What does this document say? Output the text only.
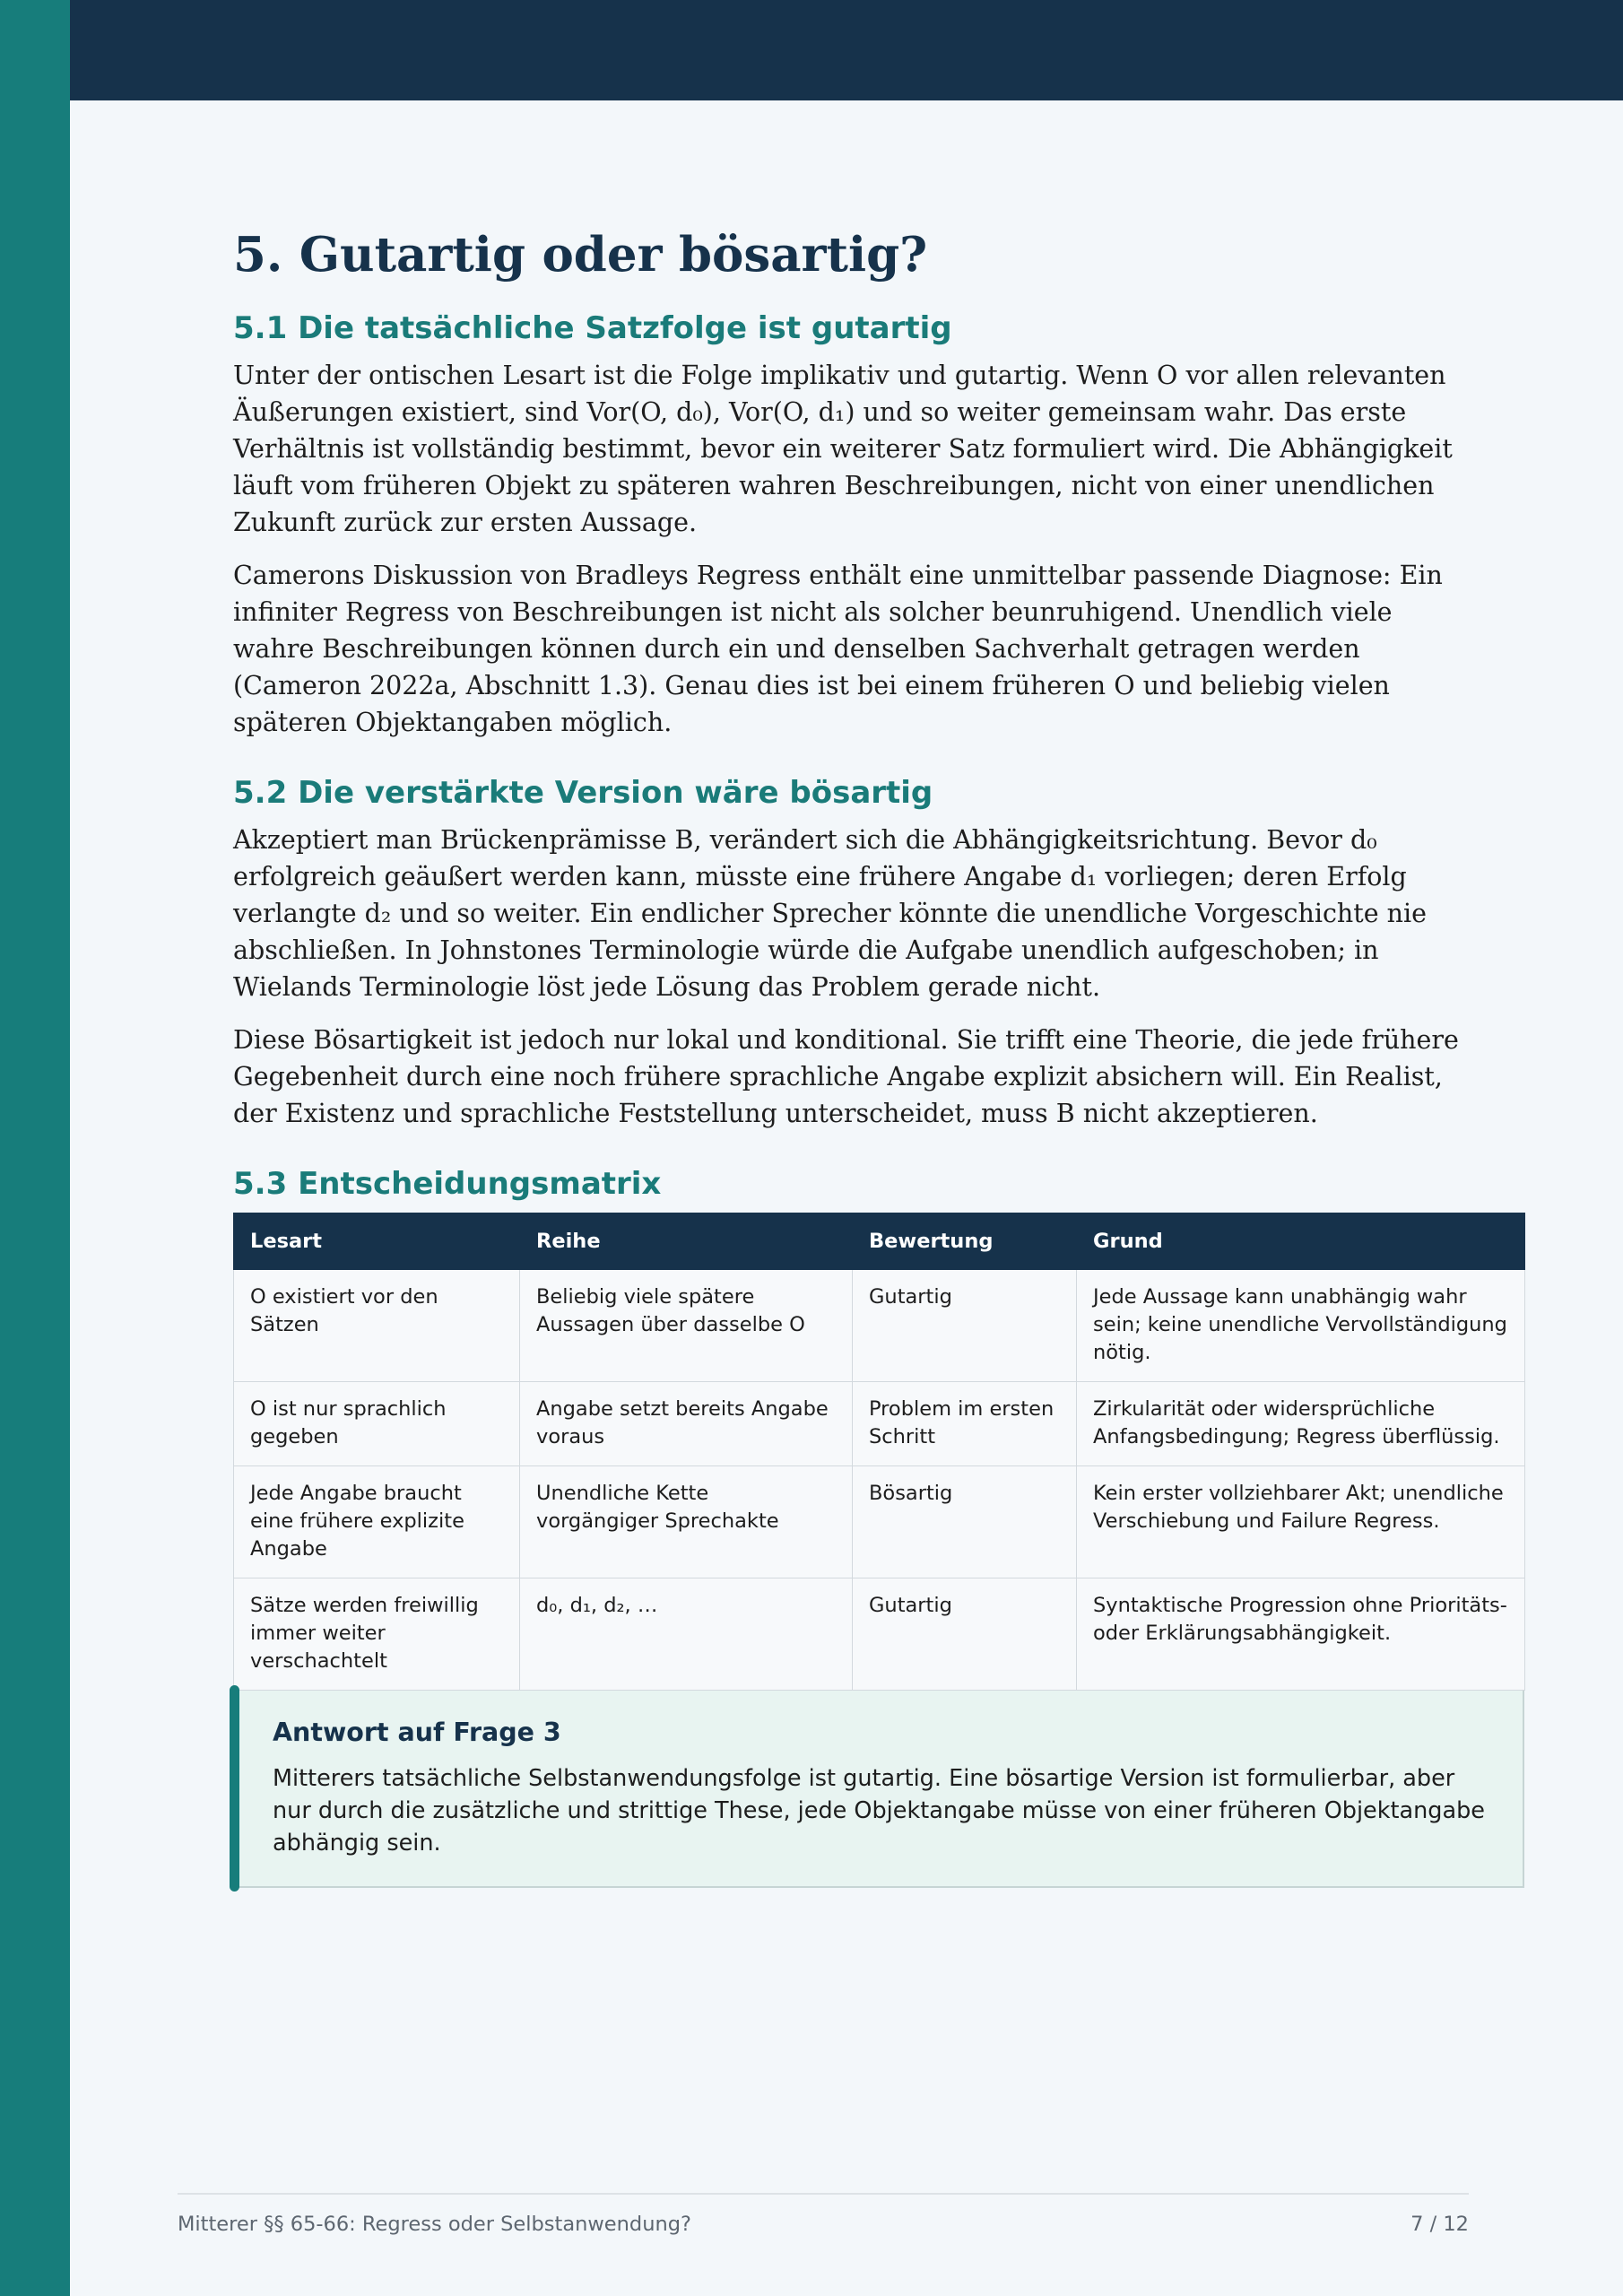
5. Gutartig oder bösartig?
5.1 Die tatsächliche Satzfolge ist gutartig

Unter der ontischen Lesart ist die Folge implikativ und gutartig. Wenn O vor allen relevanten Äußerungen existiert, sind Vor(O, d₀), Vor(O, d₁) und so weiter gemeinsam wahr. Das erste Verhältnis ist vollständig bestimmt, bevor ein weiterer Satz formuliert wird. Die Abhängigkeit läuft vom früheren Objekt zu späteren wahren Beschreibungen, nicht von einer unendlichen Zukunft zurück zur ersten Aussage.

Camerons Diskussion von Bradleys Regress enthält eine unmittelbar passende Diagnose: Ein infiniter Regress von Beschreibungen ist nicht als solcher beunruhigend. Unendlich viele wahre Beschreibungen können durch ein und denselben Sachverhalt getragen werden (Cameron 2022a, Abschnitt 1.3). Genau dies ist bei einem früheren O und beliebig vielen späteren Objektangaben möglich.

5.2 Die verstärkte Version wäre bösartig

Akzeptiert man Brückenprämisse B, verändert sich die Abhängigkeitsrichtung. Bevor d₀ erfolgreich geäußert werden kann, müsste eine frühere Angabe d₁ vorliegen; deren Erfolg verlangte d₂ und so weiter. Ein endlicher Sprecher könnte die unendliche Vorgeschichte nie abschließen. In Johnstones Terminologie würde die Aufgabe unendlich aufgeschoben; in Wielands Terminologie löst jede Lösung das Problem gerade nicht.

Diese Bösartigkeit ist jedoch nur lokal und konditional. Sie trifft eine Theorie, die jede frühere Gegebenheit durch eine noch frühere sprachliche Angabe explizit absichern will. Ein Realist, der Existenz und sprachliche Feststellung unterscheidet, muss B nicht akzeptieren.

5.3 Entscheidungsmatrix
Lesart	Reihe	Bewertung	Grund
O existiert vor den Sätzen	Beliebig viele spätere Aussagen über dasselbe O	Gutartig	Jede Aussage kann unabhängig wahr sein; keine unendliche Vervollständigung nötig.
O ist nur sprachlich gegeben	Angabe setzt bereits Angabe voraus	Problem im ersten Schritt	Zirkularität oder widersprüchliche Anfangsbedingung; Regress überflüssig.
Jede Angabe braucht eine frühere explizite Angabe	Unendliche Kette vorgängiger Sprechakte	Bösartig	Kein erster vollziehbarer Akt; unendliche Verschiebung und Failure Regress.
Sätze werden freiwillig immer weiter verschachtelt	d₀, d₁, d₂, …	Gutartig	Syntaktische Progression ohne Prioritäts- oder Erklärungsabhängigkeit.
Antwort auf Frage 3

Mitterers tatsächliche Selbstanwendungsfolge ist gutartig. Eine bösartige Version ist formulierbar, aber nur durch die zusätzliche und strittige These, jede Objektangabe müsse von einer früheren Objektangabe abhängig sein.

Mitterer §§ 65-66: Regress oder Selbstanwendung?	7 / 12
